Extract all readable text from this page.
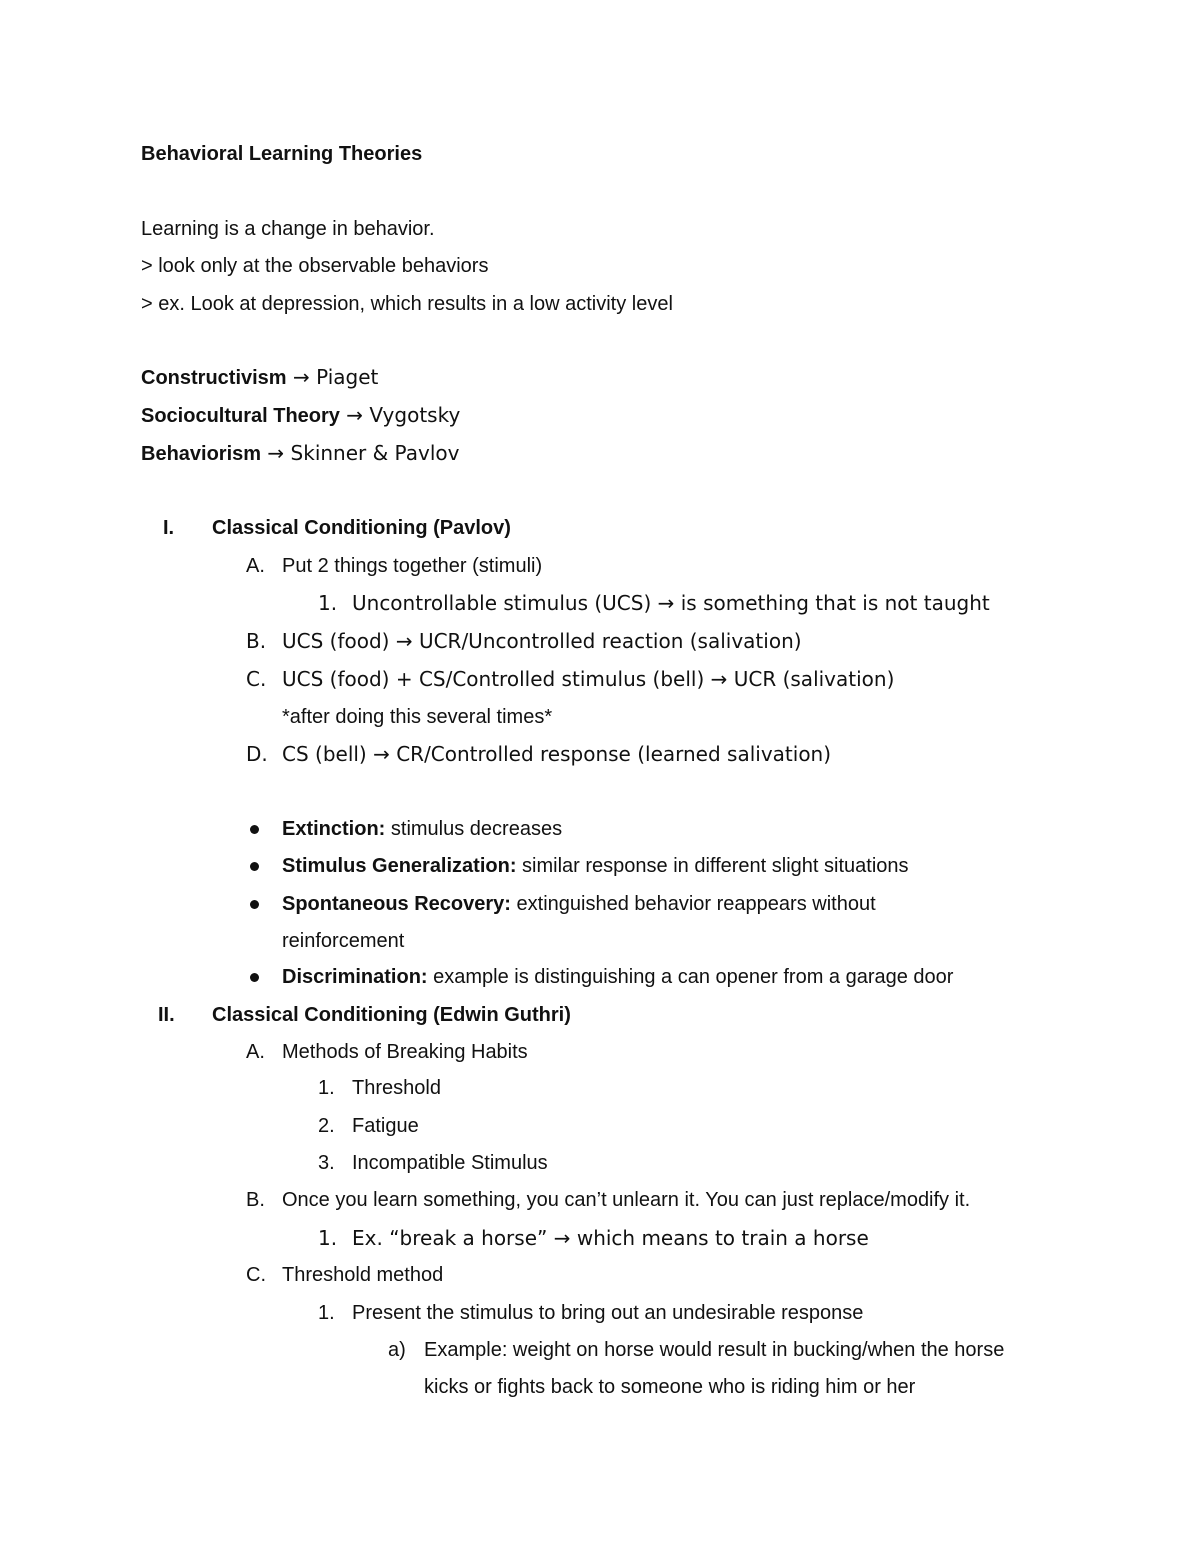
Behavioral Learning Theories
Learning is a change in behavior.
> look only at the observable behaviors
> ex. Look at depression, which results in a low activity level
Constructivism → Piaget
Sociocultural Theory → Vygotsky
Behaviorism → Skinner & Pavlov
I. Classical Conditioning (Pavlov)
A. Put 2 things together (stimuli)
1. Uncontrollable stimulus (UCS) → is something that is not taught
B. UCS (food) → UCR/Uncontrolled reaction (salivation)
C. UCS (food) + CS/Controlled stimulus (bell) → UCR (salivation)
*after doing this several times*
D. CS (bell) → CR/Controlled response (learned salivation)
Extinction: stimulus decreases
Stimulus Generalization: similar response in different slight situations
Spontaneous Recovery: extinguished behavior reappears without
reinforcement
Discrimination: example is distinguishing a can opener from a garage door
II. Classical Conditioning (Edwin Guthri)
A. Methods of Breaking Habits
1. Threshold
2. Fatigue
3. Incompatible Stimulus
B. Once you learn something, you can’t unlearn it. You can just replace/modify it.
1. Ex. “break a horse” → which means to train a horse
C. Threshold method
1. Present the stimulus to bring out an undesirable response
a) Example: weight on horse would result in bucking/when the horse
kicks or fights back to someone who is riding him or her
